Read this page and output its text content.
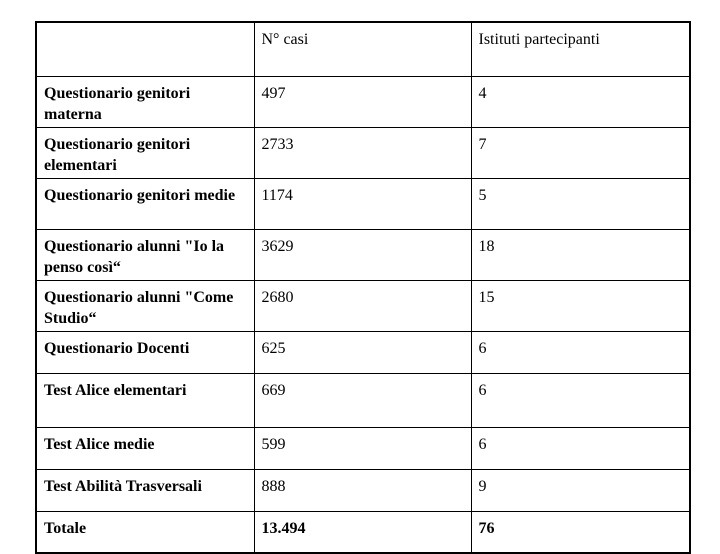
	N° casi	Istituti partecipanti
Questionario genitori materna	497	4
Questionario genitori elementari	2733	7
Questionario genitori medie	1174	5
Questionario alunni "Io la penso così“	3629	18
Questionario alunni "Come Studio“	2680	15
Questionario Docenti	625	6
Test Alice elementari	669	6
Test Alice medie	599	6
Test Abilità Trasversali	888	9
Totale	13.494	76
